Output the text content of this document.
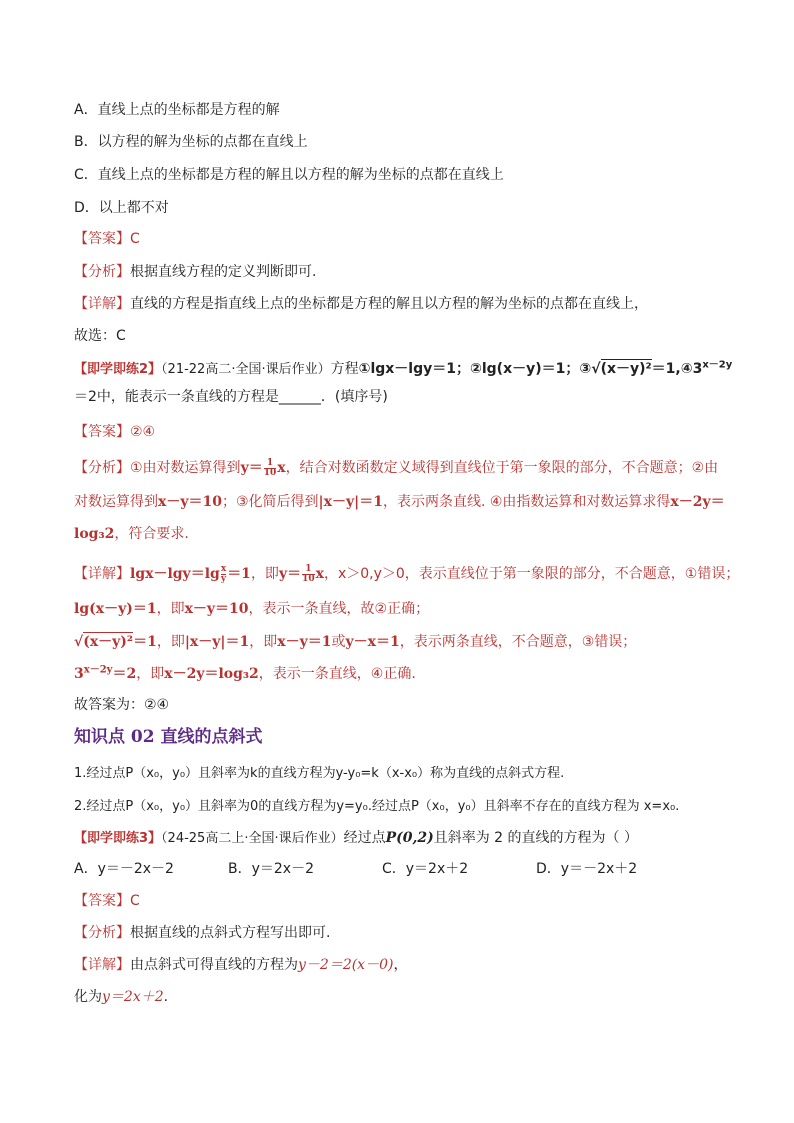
A．直线上点的坐标都是方程的解
B．以方程的解为坐标的点都在直线上
C．直线上点的坐标都是方程的解且以方程的解为坐标的点都在直线上
D．以上都不对
【答案】C
【分析】根据直线方程的定义判断即可.
【详解】直线的方程是指直线上点的坐标都是方程的解且以方程的解为坐标的点都在直线上，
故选：C
【即学即练2】（21-22高二·全国·课后作业）方程①lgx－lgy＝1；②lg(x－y)＝1；$③√(x-y)^2=1,④3^{x-2y}$
＝2中，能表示一条直线的方程是______．(填序号)
【答案】②④
【分析】①由对数运算得到$y= \frac{1}{10}$ x，结合对数函数定义域得到直线位于第一象限的部分，不合题意；②由
对数运算得到x－y＝10；③化简后得到|x－y|＝1，表示两条直线. ④由指数运算和对数运算求得x－2y＝
log₃2，符合要求.
【详解】$\lg x-\lg y=\lg \frac{x}{y} =1$，即$y= \frac{1}{10}$ x，x＞0,y＞0，表示直线位于第一象限的部分，不合题意，①错误；
lg(x－y)＝1，即x－y＝10，表示一条直线，故②正确；
√(x－y)²＝1，即|x－y|＝1，即x－y＝1或y－x＝1，表示两条直线，不合题意，③错误；
$3^{x-2y}=2$，即x－2y＝log₃2，表示一条直线，④正确.
故答案为：②④
知识点 02 直线的点斜式
1.经过点P（x₀，y₀）且斜率为k的直线方程为y-y₀=k（x-x₀）称为直线的点斜式方程.
2.经过点P（x₀，y₀）且斜率为0的直线方程为y=y₀.经过点P（x₀，y₀）且斜率不存在的直线方程为 x=x₀.
【即学即练3】（24-25高二上·全国·课后作业）经过点P(0,2)且斜率为 2 的直线的方程为（ ）
A．y＝－2x－2	B．y＝2x－2	C．y＝2x＋2	D．y＝－2x＋2
【答案】C
【分析】根据直线的点斜式方程写出即可.
【详解】由点斜式可得直线的方程为y－2＝2(x－0)，
化为y＝2x＋2.
